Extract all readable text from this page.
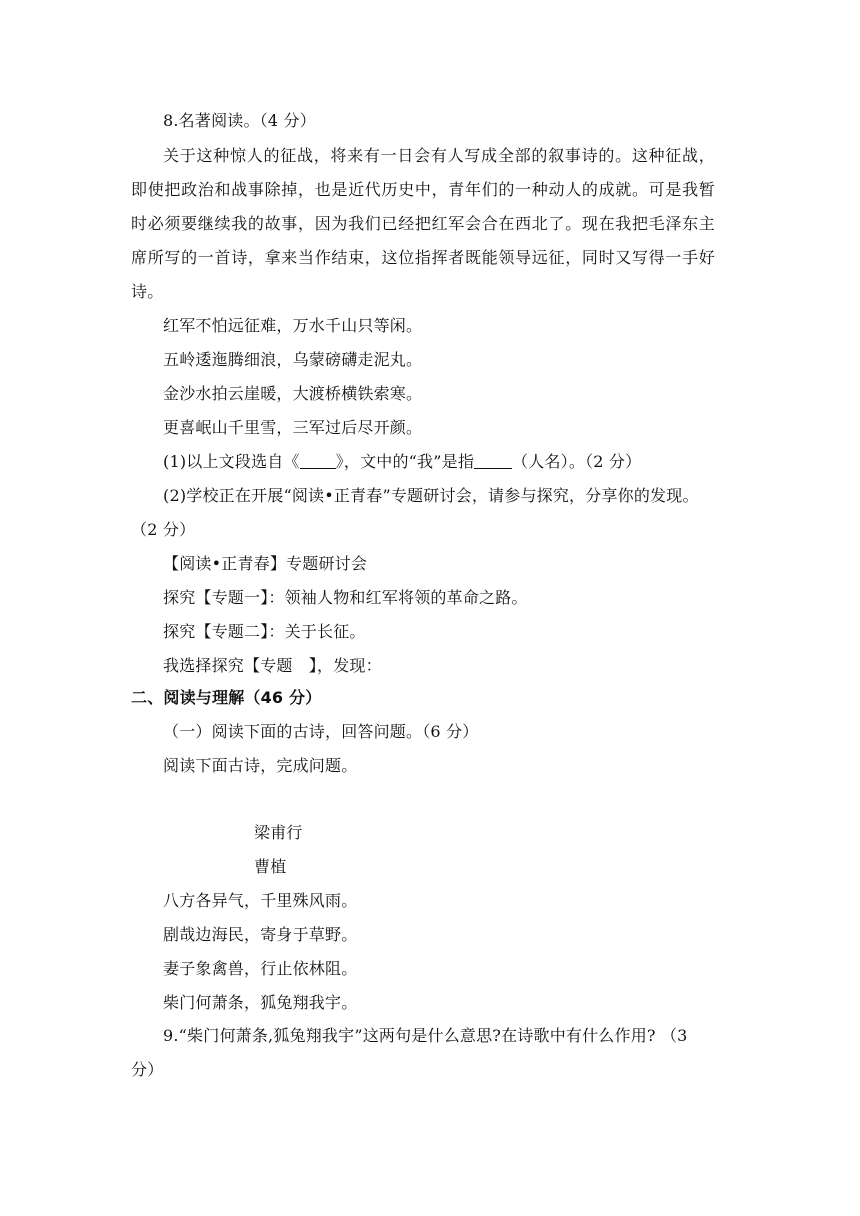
8.名著阅读。（4 分）
关于这种惊人的征战，将来有一日会有人写成全部的叙事诗的。这种征战，
即使把政治和战事除掉，也是近代历史中，青年们的一种动人的成就。可是我暂
时必须要继续我的故事，因为我们已经把红军会合在西北了。现在我把毛泽东主
席所写的一首诗，拿来当作结束，这位指挥者既能领导远征，同时又写得一手好
诗。
红军不怕远征难，万水千山只等闲。
五岭逶迤腾细浪，乌蒙磅礴走泥丸。
金沙水拍云崖暖，大渡桥横铁索寒。
更喜岷山千里雪，三军过后尽开颜。
(1)以上文段选自《 》，文中的“我”是指 （人名）。（2 分）
(2)学校正在开展“阅读•正青春”专题研讨会，请参与探究，分享你的发现。
（2 分）
【阅读•正青春】专题研讨会
探究【专题一】：领袖人物和红军将领的革命之路。
探究【专题二】：关于长征。
我选择探究【专题　】，发现：
二、阅读与理解（46 分）
（一）阅读下面的古诗，回答问题。（6 分）
阅读下面古诗，完成问题。
梁甫行
曹植
八方各异气，千里殊风雨。
剧哉边海民，寄身于草野。
妻子象禽兽，行止依林阻。
柴门何萧条，狐兔翔我宇。
9.“柴门何萧条,狐兔翔我宇”这两句是什么意思?在诗歌中有什么作用? （3
分）
